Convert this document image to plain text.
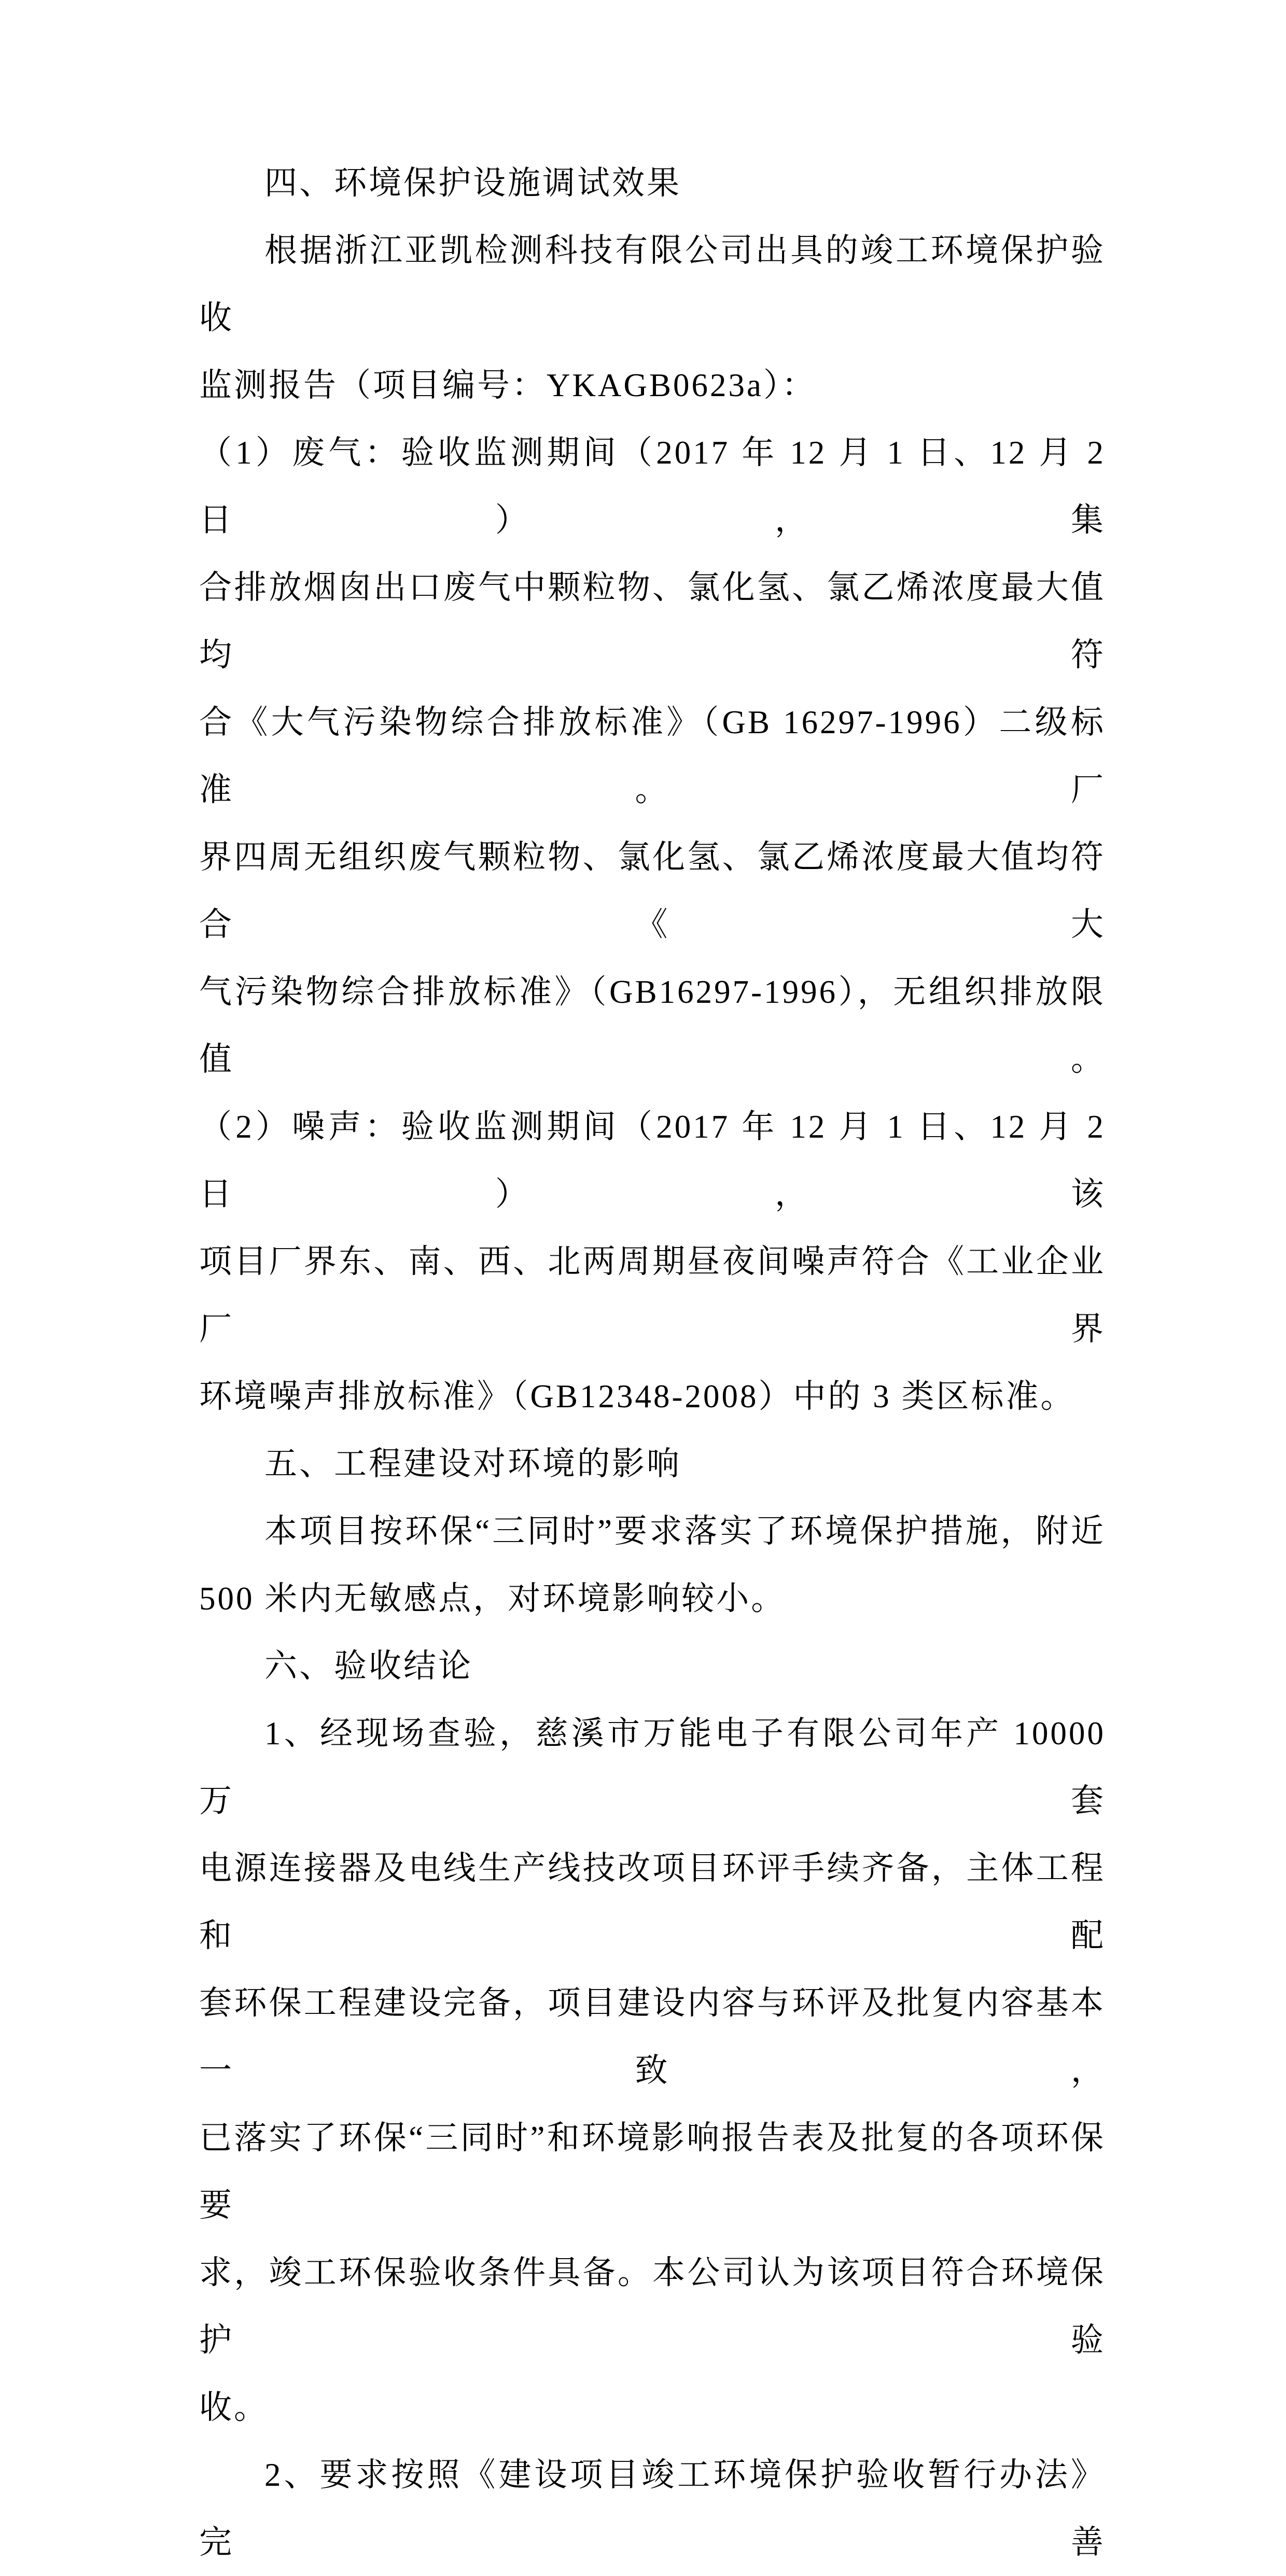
四、环境保护设施调试效果
根据浙江亚凯检测科技有限公司出具的竣工环境保护验收
监测报告（项目编号：YKAGB0623a）：
（1）废气：验收监测期间（2017 年 12 月 1 日、12 月 2 日），集
合排放烟囱出口废气中颗粒物、氯化氢、氯乙烯浓度最大值均符
合《大气污染物综合排放标准》（GB 16297-1996）二级标准。厂
界四周无组织废气颗粒物、氯化氢、氯乙烯浓度最大值均符合《大
气污染物综合排放标准》（GB16297-1996），无组织排放限值。
（2）噪声：验收监测期间（2017 年 12 月 1 日、12 月 2 日），该
项目厂界东、南、西、北两周期昼夜间噪声符合《工业企业厂界
环境噪声排放标准》（GB12348-2008）中的 3 类区标准。
五、工程建设对环境的影响
本项目按环保“三同时”要求落实了环境保护措施，附近
500 米内无敏感点，对环境影响较小。
六、验收结论
1、经现场查验，慈溪市万能电子有限公司年产 10000 万套
电源连接器及电线生产线技改项目环评手续齐备，主体工程和配
套环保工程建设完备，项目建设内容与环评及批复内容基本一致，
已落实了环保“三同时”和环境影响报告表及批复的各项环保要
求，竣工环保验收条件具备。本公司认为该项目符合环境保护验
收。
2、要求按照《建设项目竣工环境保护验收暂行办法》完善
